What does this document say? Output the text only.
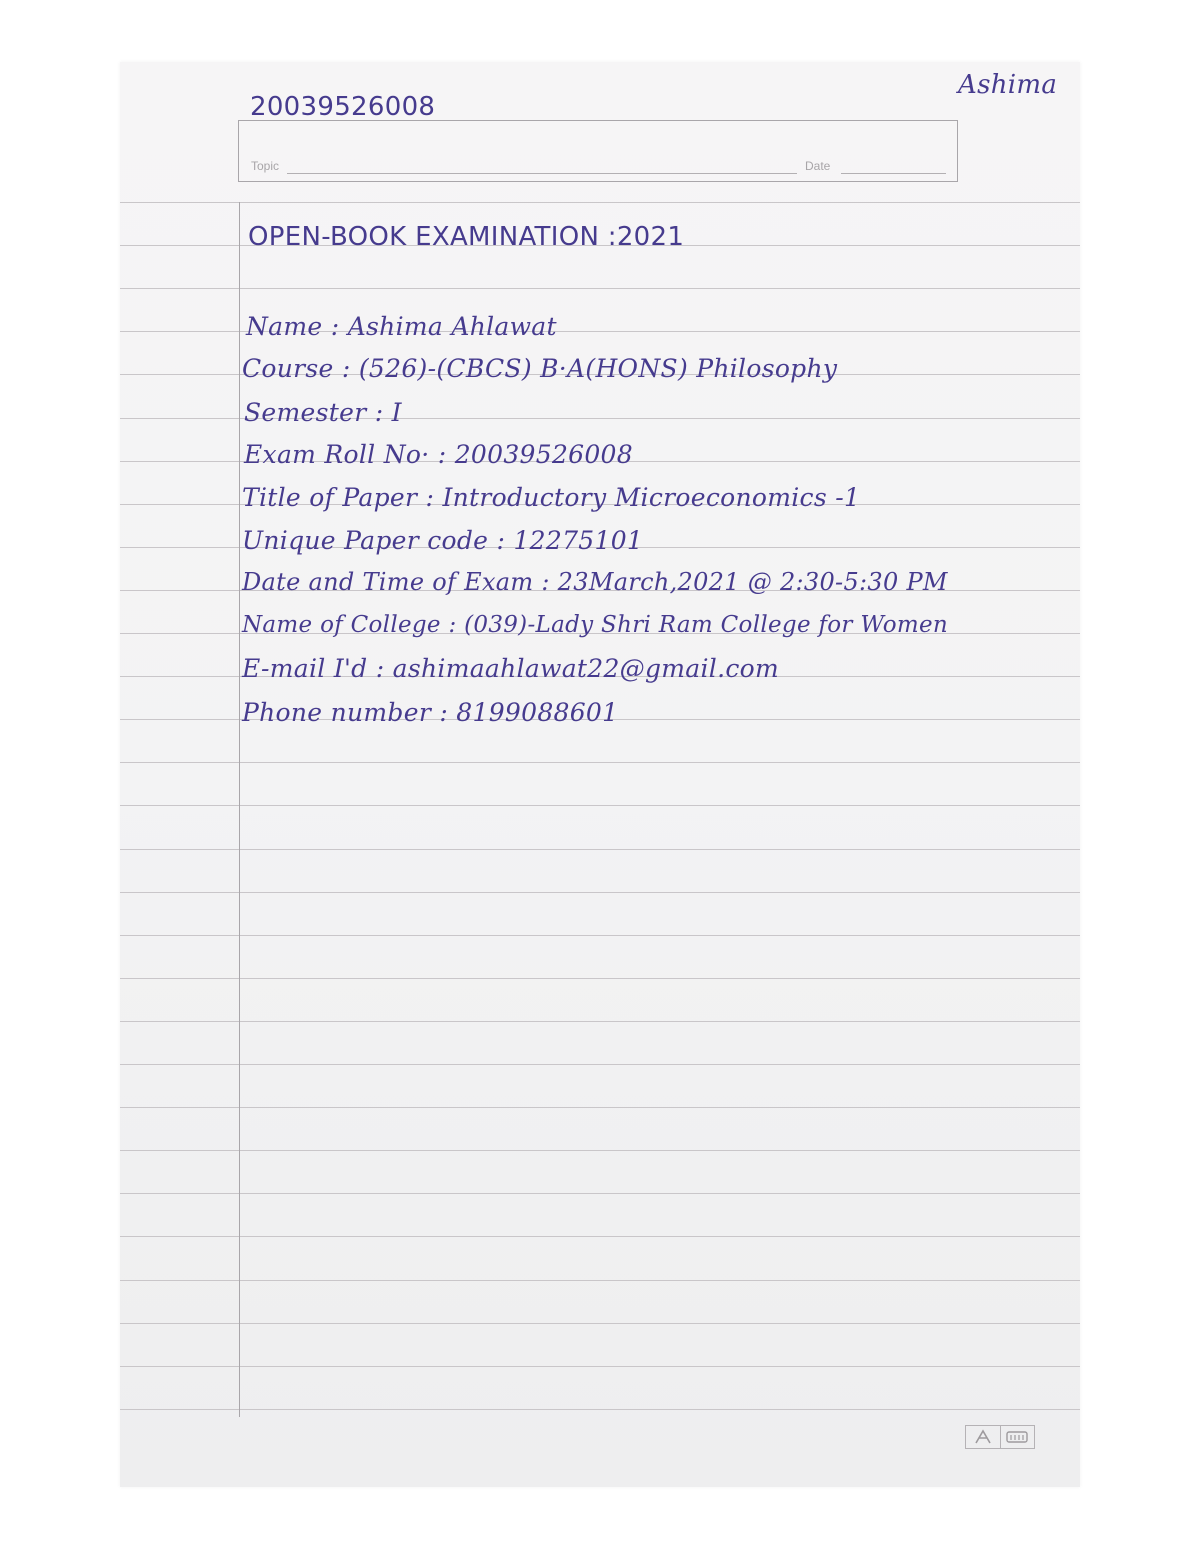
Topic	Date
Ashima
20039526008
OPEN-BOOK EXAMINATION :2021
Name : Ashima Ahlawat
Course : (526)-(CBCS) B·A(HONS) Philosophy
Semester : I
Exam Roll No· : 20039526008
Title of Paper : Introductory Microeconomics -1
Unique Paper code : 12275101
Date and Time of Exam : 23March,2021 @ 2:30-5:30 PM
Name of College : (039)-Lady Shri Ram College for Women
E-mail I'd : ashimaahlawat22@gmail.com
Phone number : 8199088601
